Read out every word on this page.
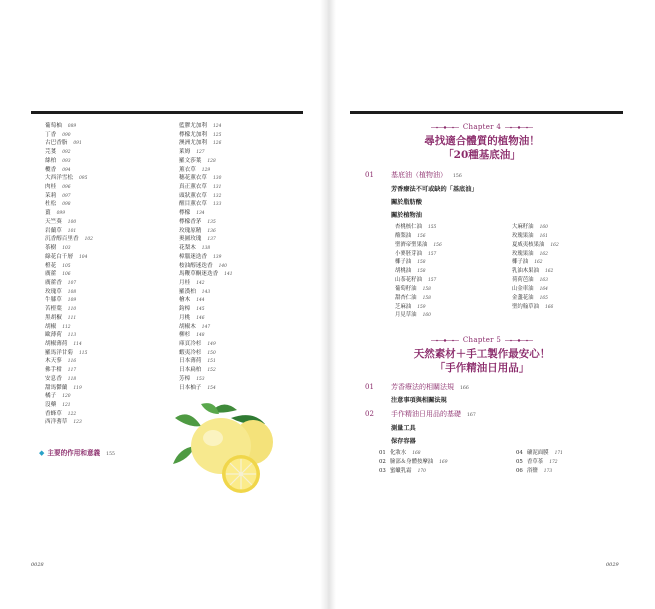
葡萄柚 089
丁香 090
古巴香脂 091
芫荽 092
絲柏 093
欖香 094
大西洋雪松 095
肉桂 096
茉莉 097
杜松 098
薑 099
天竺葵 100
岩蘭草 101
沉香醇百里香 102
茶樹 103
綠花白千層 104
橙花 105
廣藿 106
廣藿香 107
玫瑰草 108
牛膝草 109
苦橙葉 110
黑胡椒 111
胡椒 112
歐薄荷 113
胡椒薄荷 114
羅馬洋甘菊 115
木天蓼 116
佛手柑 117
安息香 118
甜馬鬱蘭 119
橘子 120
沒藥 121
香蜂草 122
西洋蓍草 123
藍膠尤加利 124
檸檬尤加利 125
澳洲尤加利 126
萊姆 127
羅文莎葉 128
薰衣草 129
穗花薰衣草 130
真正薰衣草 131
頭狀薰衣草 132
醒目薰衣草 133
檸檬 134
檸檬香茅 135
玫瑰原精 136
奧圖玫瑰 137
花梨木 138
樟腦迷迭香 139
桉油醇迷迭香 140
馬鞭草酮迷迭香 141
月桂 142
羅漢柏 143
檜木 144
鈞樟 145
月桃 146
胡椒木 147
柳杉 148
庫頁冷杉 149
蝦夷冷杉 150
日本薄荷 151
日本扁柏 152
芳樟 153
日本柚子 154
◆ 主要的作用和意義 155
0028
Chapter 4
尋找適合體質的植物油！
「20種基底油」
01 基底油（植物油） 156
芳香療法不可或缺的「基底油」
關於脂肪酸
關於植物油
杏桃核仁油 155
酪梨油 156
聖濟帝聖果油 156
小麥胚芽油 157
椰子油 158
胡桃油 158
山茶花籽油 157
葡萄籽油 158
甜杏仁油 158
芝麻油 159
月見草油 160
大麻籽油 160
玫瑰果油 161
夏威夷核果油 162
玫瑰果油 162
椰子油 162
乳油木果油 162
荷荷芭油 163
山金車油 164
金盞花油 165
聖約翰草油 166
Chapter 5
天然素材＋手工製作最安心！
「手作精油日用品」
01 芳香療法的相關法規 166
注意事項與相關法規
02 手作精油日用品的基礎 167
測量工具
保存容器
01 化妝水 168
02 臉部＆身體按摩油 169
03 蜜蠟乳霜 170
04 礦泥面膜 171
05 香草茶 172
06 浴鹽 173
0029
